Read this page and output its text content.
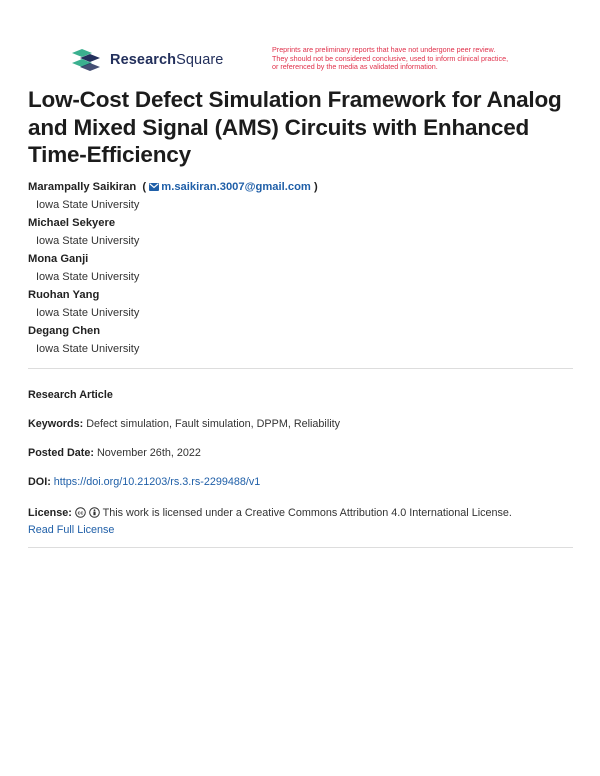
ResearchSquare
Preprints are preliminary reports that have not undergone peer review.
They should not be considered conclusive, used to inform clinical practice,
or referenced by the media as validated information.
Low-Cost Defect Simulation Framework for Analog
and Mixed Signal (AMS) Circuits with Enhanced
Time-Efficiency
Marampally Saikiran ( m.saikiran.3007@gmail.com )
Iowa State University
Michael Sekyere
Iowa State University
Mona Ganji
Iowa State University
Ruohan Yang
Iowa State University
Degang Chen
Iowa State University
Research Article
Keywords: Defect simulation, Fault simulation, DPPM, Reliability
Posted Date: November 26th, 2022
DOI: https://doi.org/10.21203/rs.3.rs-2299488/v1
License: cc This work is licensed under a Creative Commons Attribution 4.0 International License.
Read Full License
